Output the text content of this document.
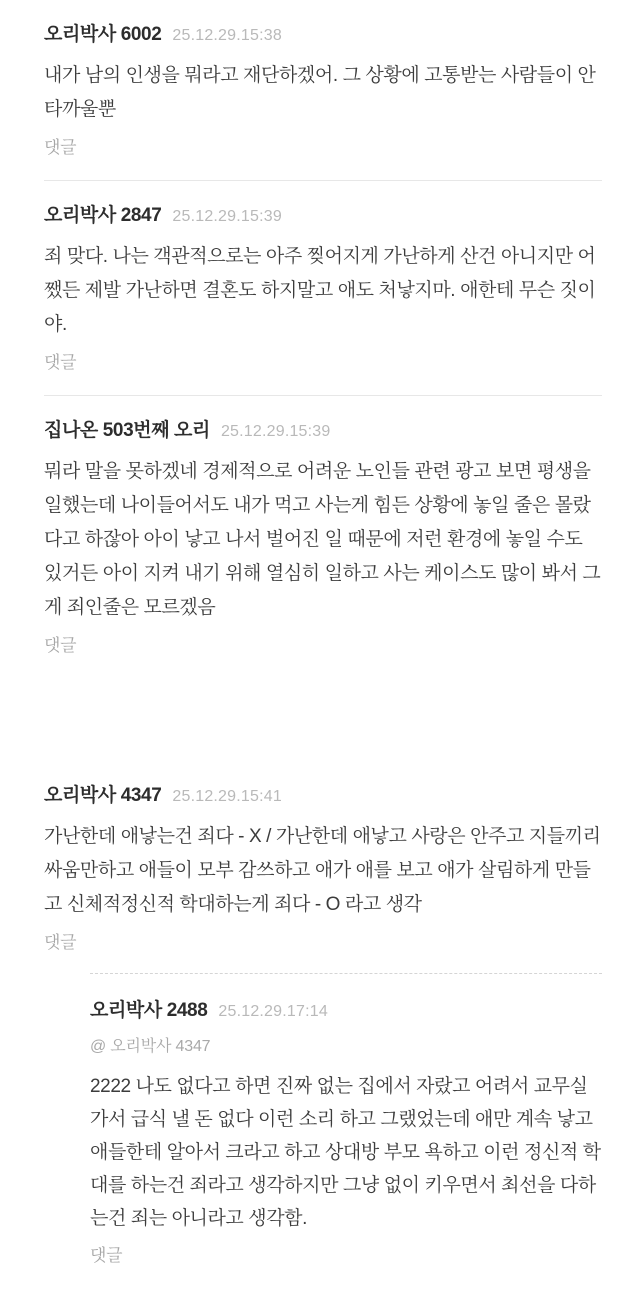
오리박사 6002 25.12.29.15:38

내가 남의 인생을 뭐라고 재단하겠어. 그 상황에 고통받는 사람들이 안타까울뿐

댓글
오리박사 2847 25.12.29.15:39

죄 맞다. 나는 객관적으로는 아주 찢어지게 가난하게 산건 아니지만 어쨌든 제발 가난하면 결혼도 하지말고 애도 처낳지마. 애한테 무슨 짓이야.

댓글
집나온 503번째 오리 25.12.29.15:39

뭐라 말을 못하겠네 경제적으로 어려운 노인들 관련 광고 보면 평생을 일했는데 나이들어서도 내가 먹고 사는게 힘든 상황에 놓일 줄은 몰랐다고 하잖아 아이 낳고 나서 벌어진 일 때문에 저런 환경에 놓일 수도 있거든 아이 지켜 내기 위해 열심히 일하고 사는 케이스도 많이 봐서 그게 죄인줄은 모르겠음

댓글
오리박사 4347 25.12.29.15:41

가난한데 애낳는건 죄다 - X / 가난한데 애낳고 사랑은 안주고 지들끼리 싸움만하고 애들이 모부 감쓰하고 애가 애를 보고 애가 살림하게 만들고 신체적정신적 학대하는게 죄다 - O 라고 생각

댓글
오리박사 2488 25.12.29.17:14

@ 오리박사 4347

2222 나도 없다고 하면 진짜 없는 집에서 자랐고 어려서 교무실 가서 급식 낼 돈 없다 이런 소리 하고 그랬었는데 애만 계속 낳고 애들한테 알아서 크라고 하고 상대방 부모 욕하고 이런 정신적 학대를 하는건 죄라고 생각하지만 그냥 없이 키우면서 최선을 다하는건 죄는 아니라고 생각함.

댓글
